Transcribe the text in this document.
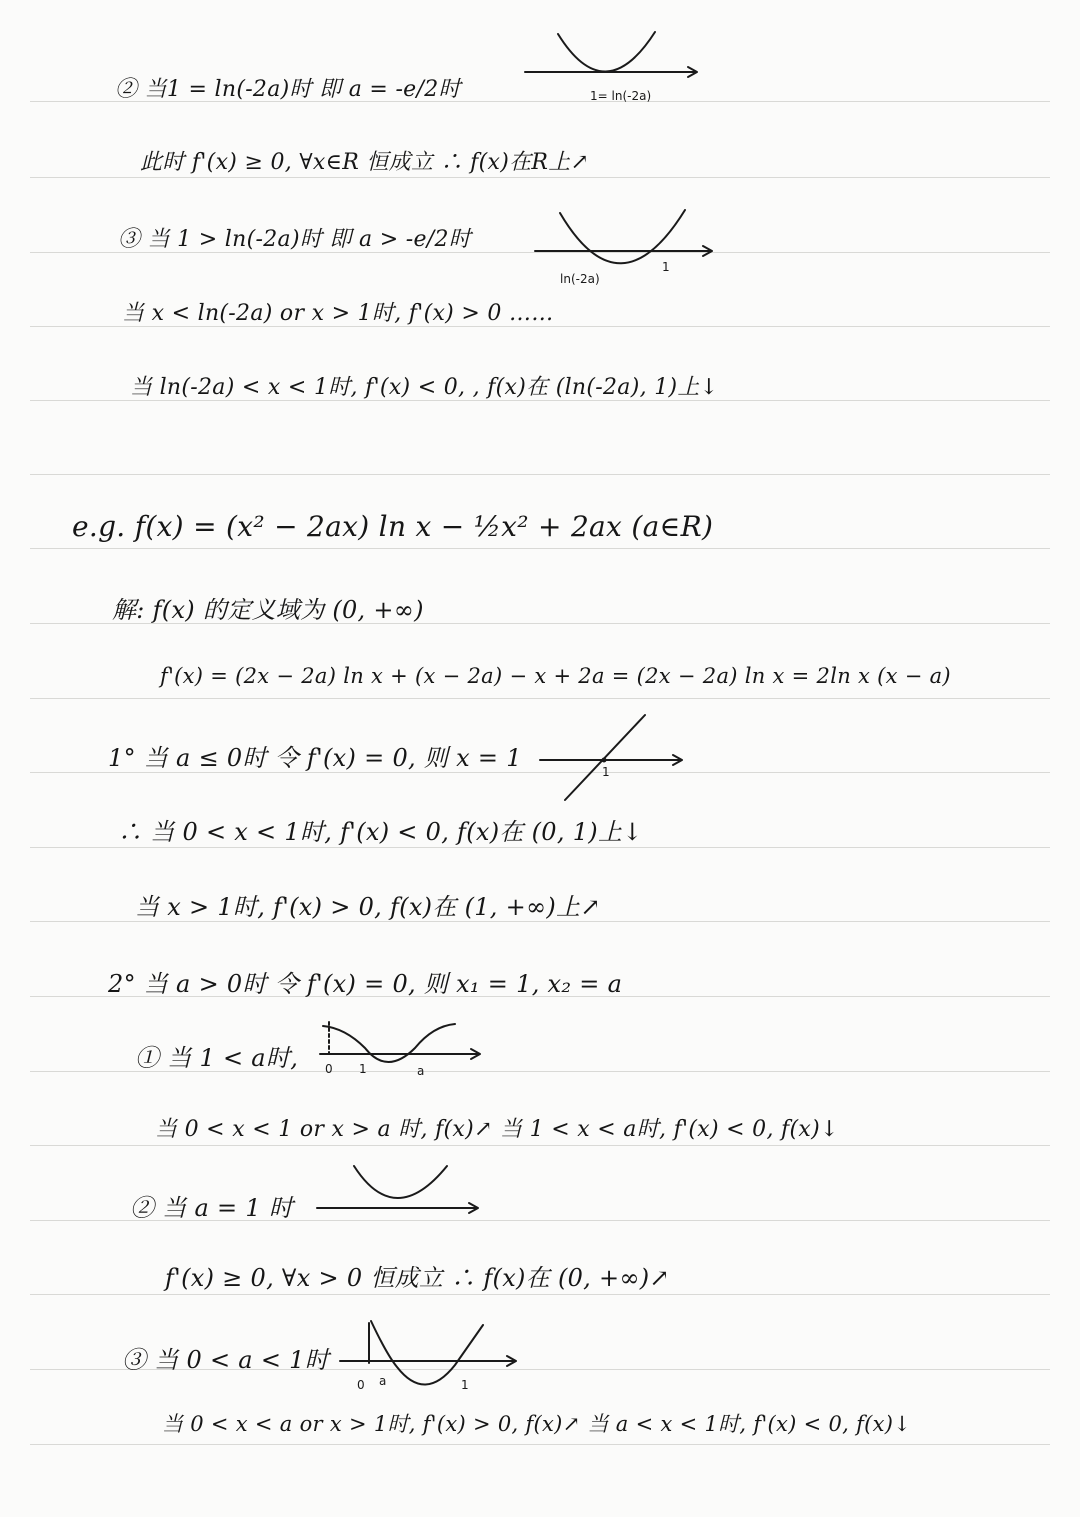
② 当1 = ln(-2a)时 即 a = -e/2时
此时 f'(x) ≥ 0, ∀x∈R 恒成立 ∴ f(x)在R上↗
③ 当 1 > ln(-2a)时 即 a > -e/2时
当 x < ln(-2a) or x > 1时, f'(x) > 0 ……
当 ln(-2a) < x < 1时, f'(x) < 0, , f(x)在 (ln(-2a), 1)上↓
e.g. f(x) = (x² − 2ax) ln x − ½x² + 2ax (a∈R)
解: f(x) 的定义域为 (0, +∞)
f'(x) = (2x − 2a) ln x + (x − 2a) − x + 2a = (2x − 2a) ln x = 2ln x (x − a)
1° 当 a ≤ 0时 令 f'(x) = 0, 则 x = 1
∴ 当 0 < x < 1时, f'(x) < 0, f(x)在 (0, 1)上↓
当 x > 1时, f'(x) > 0, f(x)在 (1, +∞)上↗
2° 当 a > 0时 令 f'(x) = 0, 则 x₁ = 1, x₂ = a
① 当 1 < a时,
当 0 < x < 1 or x > a 时, f(x)↗ 当 1 < x < a时, f'(x) < 0, f(x)↓
② 当 a = 1 时
f'(x) ≥ 0, ∀x > 0 恒成立 ∴ f(x)在 (0, +∞)↗
③ 当 0 < a < 1时
当 0 < x < a or x > 1时, f'(x) > 0, f(x)↗ 当 a < x < 1时, f'(x) < 0, f(x)↓
1= ln(-2a)
ln(-2a)
1
1
0 1	a
0 a	1
